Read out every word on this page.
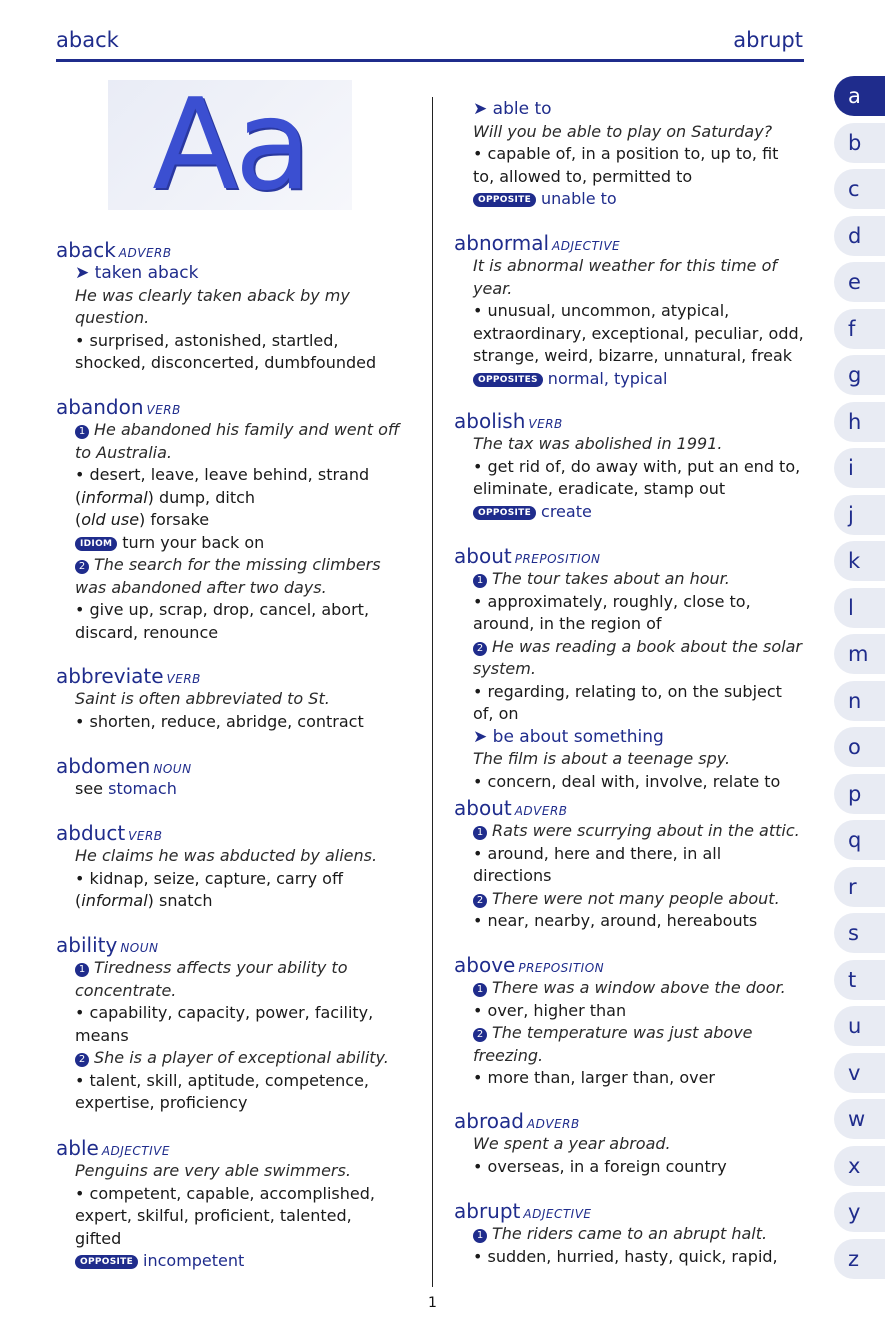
aback	abrupt
Aa
aback ADVERB
➤ taken aback
He was clearly taken aback by my
question.
• surprised, astonished, startled,
shocked, disconcerted, dumbfounded
abandon VERB
1 He abandoned his family and went off
to Australia.
• desert, leave, leave behind, strand
(informal) dump, ditch
(old use) forsake
IDIOM turn your back on
2 The search for the missing climbers
was abandoned after two days.
• give up, scrap, drop, cancel, abort,
discard, renounce
abbreviate VERB
Saint is often abbreviated to St.
• shorten, reduce, abridge, contract
abdomen NOUN
see stomach
abduct VERB
He claims he was abducted by aliens.
• kidnap, seize, capture, carry off
(informal) snatch
ability NOUN
1 Tiredness affects your ability to
concentrate.
• capability, capacity, power, facility,
means
2 She is a player of exceptional ability.
• talent, skill, aptitude, competence,
expertise, proficiency
able ADJECTIVE
Penguins are very able swimmers.
• competent, capable, accomplished,
expert, skilful, proficient, talented,
gifted
OPPOSITE incompetent
➤ able to
Will you be able to play on Saturday?
• capable of, in a position to, up to, fit
to, allowed to, permitted to
OPPOSITE unable to
abnormal ADJECTIVE
It is abnormal weather for this time of
year.
• unusual, uncommon, atypical,
extraordinary, exceptional, peculiar, odd,
strange, weird, bizarre, unnatural, freak
OPPOSITES normal, typical
abolish VERB
The tax was abolished in 1991.
• get rid of, do away with, put an end to,
eliminate, eradicate, stamp out
OPPOSITE create
about PREPOSITION
1 The tour takes about an hour.
• approximately, roughly, close to,
around, in the region of
2 He was reading a book about the solar
system.
• regarding, relating to, on the subject
of, on
➤ be about something
The film is about a teenage spy.
• concern, deal with, involve, relate to
about ADVERB
1 Rats were scurrying about in the attic.
• around, here and there, in all
directions
2 There were not many people about.
• near, nearby, around, hereabouts
above PREPOSITION
1 There was a window above the door.
• over, higher than
2 The temperature was just above
freezing.
• more than, larger than, over
abroad ADVERB
We spent a year abroad.
• overseas, in a foreign country
abrupt ADJECTIVE
1 The riders came to an abrupt halt.
• sudden, hurried, hasty, quick, rapid,
a
b
c
d
e
f
g
h
i
j
k
l
m
n
o
p
q
r
s
t
u
v
w
x
y
z
1
